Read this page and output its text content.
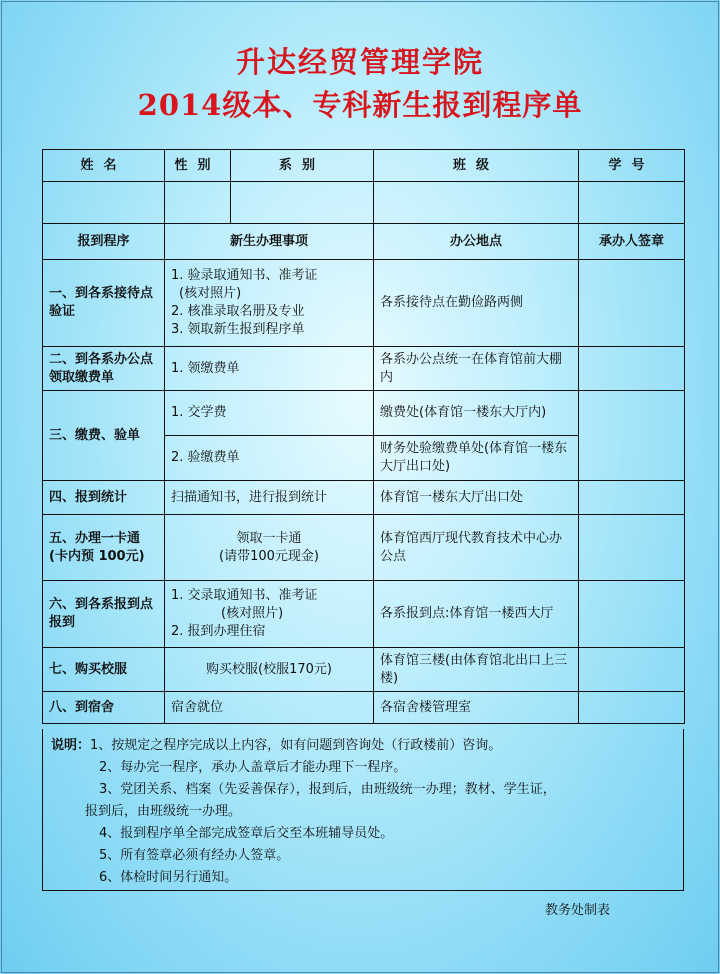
升达经贸管理学院
2014级本、专科新生报到程序单
姓名	性别	系别	班级	学号

报到程序	新生办理事项		办公地点	承办人签章
一、到各系接待点验证	1. 验录取通知书、准考证
(核对照片)
2. 核准录取名册及专业
3. 领取新生报到程序单		各系接待点在勤俭路两侧	
二、到各系办公点领取缴费单	1. 领缴费单		各系办公点统一在体育馆前大棚内	
三、缴费、验单	1. 交学费		缴费处(体育馆一楼东大厅内)	
	2. 验缴费单		财务处验缴费单处(体育馆一楼东大厅出口处)	
四、报到统计	扫描通知书，进行报到统计		体育馆一楼东大厅出口处	
五、办理一卡通(卡内预 100元)	领取一卡通
(请带100元现金)		体育馆西厅现代教育技术中心办公点	
六、到各系报到点报到	1. 交录取通知书、准考证
(核对照片)
2. 报到办理住宿		各系报到点:体育馆一楼西大厅	
七、购买校服	购买校服(校服170元)		体育馆三楼(由体育馆北出口上三楼)	
八、到宿舍	宿舍就位		各宿舍楼管理室	
说明：1、按规定之程序完成以上内容，如有问题到咨询处（行政楼前）咨询。
2、每办完一程序，承办人盖章后才能办理下一程序。
3、党团关系、档案（先妥善保存），报到后，由班级统一办理；教材、学生证，
报到后，由班级统一办理。
4、报到程序单全部完成签章后交至本班辅导员处。
5、所有签章必须有经办人签章。
6、体检时间另行通知。
教务处制表
